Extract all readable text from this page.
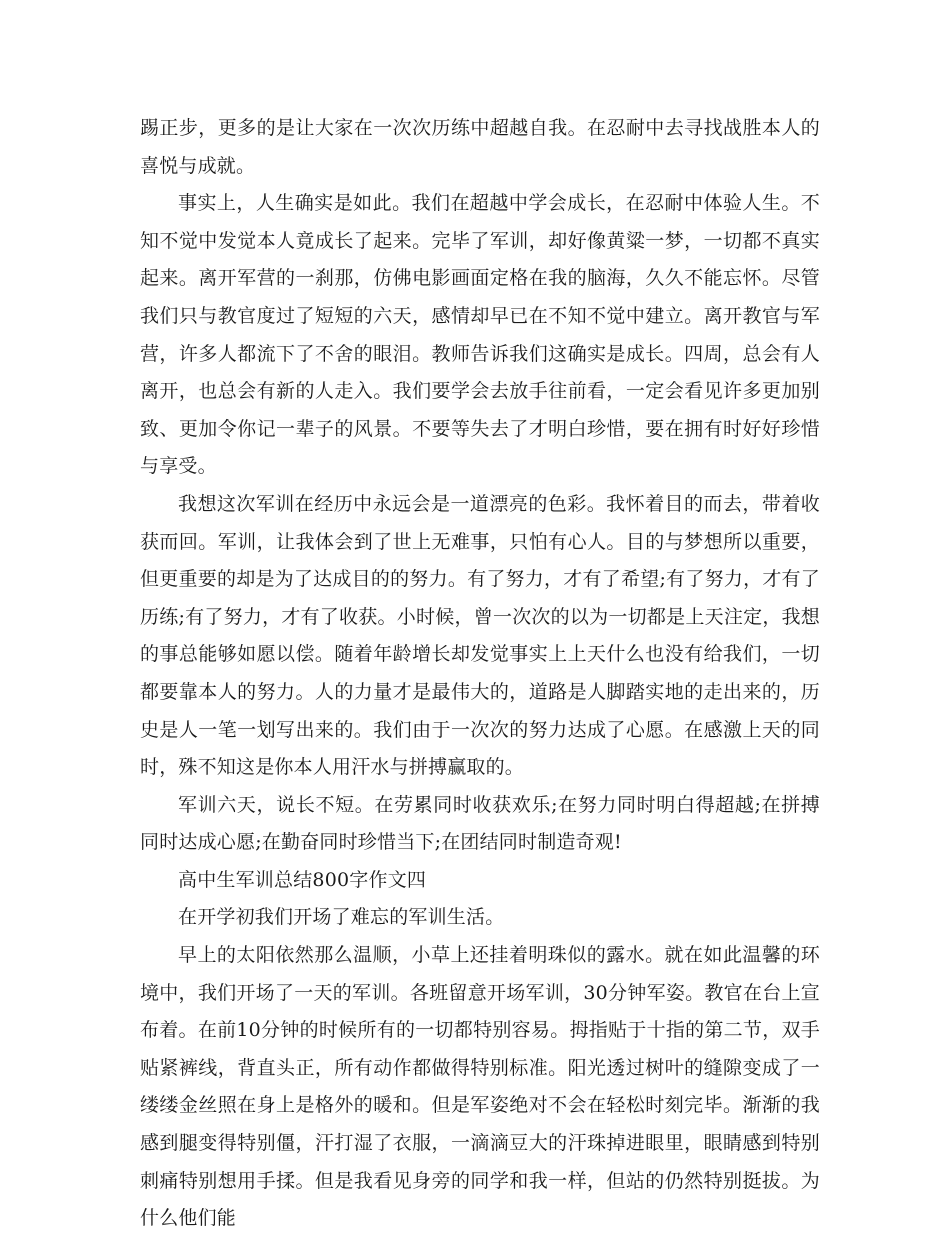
踢正步，更多的是让大家在一次次历练中超越自我。在忍耐中去寻找战胜本人的喜悦与成就。

事实上，人生确实是如此。我们在超越中学会成长，在忍耐中体验人生。不知不觉中发觉本人竟成长了起来。完毕了军训，却好像黄粱一梦，一切都不真实起来。离开军营的一刹那，仿佛电影画面定格在我的脑海，久久不能忘怀。尽管我们只与教官度过了短短的六天，感情却早已在不知不觉中建立。离开教官与军营，许多人都流下了不舍的眼泪。教师告诉我们这确实是成长。四周，总会有人离开，也总会有新的人走入。我们要学会去放手往前看，一定会看见许多更加别致、更加令你记一辈子的风景。不要等失去了才明白珍惜，要在拥有时好好珍惜与享受。

我想这次军训在经历中永远会是一道漂亮的色彩。我怀着目的而去，带着收获而回。军训，让我体会到了世上无难事，只怕有心人。目的与梦想所以重要，但更重要的却是为了达成目的的努力。有了努力，才有了希望;有了努力，才有了历练;有了努力，才有了收获。小时候，曾一次次的以为一切都是上天注定，我想的事总能够如愿以偿。随着年龄增长却发觉事实上上天什么也没有给我们，一切都要靠本人的努力。人的力量才是最伟大的，道路是人脚踏实地的走出来的，历史是人一笔一划写出来的。我们由于一次次的努力达成了心愿。在感激上天的同时，殊不知这是你本人用汗水与拼搏赢取的。

军训六天，说长不短。在劳累同时收获欢乐;在努力同时明白得超越;在拼搏同时达成心愿;在勤奋同时珍惜当下;在团结同时制造奇观!

高中生军训总结800字作文四

在开学初我们开场了难忘的军训生活。

早上的太阳依然那么温顺，小草上还挂着明珠似的露水。就在如此温馨的环境中，我们开场了一天的军训。各班留意开场军训，30分钟军姿。教官在台上宣布着。在前10分钟的时候所有的一切都特别容易。拇指贴于十指的第二节，双手贴紧裤线，背直头正，所有动作都做得特别标准。阳光透过树叶的缝隙变成了一缕缕金丝照在身上是格外的暖和。但是军姿绝对不会在轻松时刻完毕。渐渐的我感到腿变得特别僵，汗打湿了衣服，一滴滴豆大的汗珠掉进眼里，眼睛感到特别刺痛特别想用手揉。但是我看见身旁的同学和我一样，但站的仍然特别挺拔。为什么他们能
